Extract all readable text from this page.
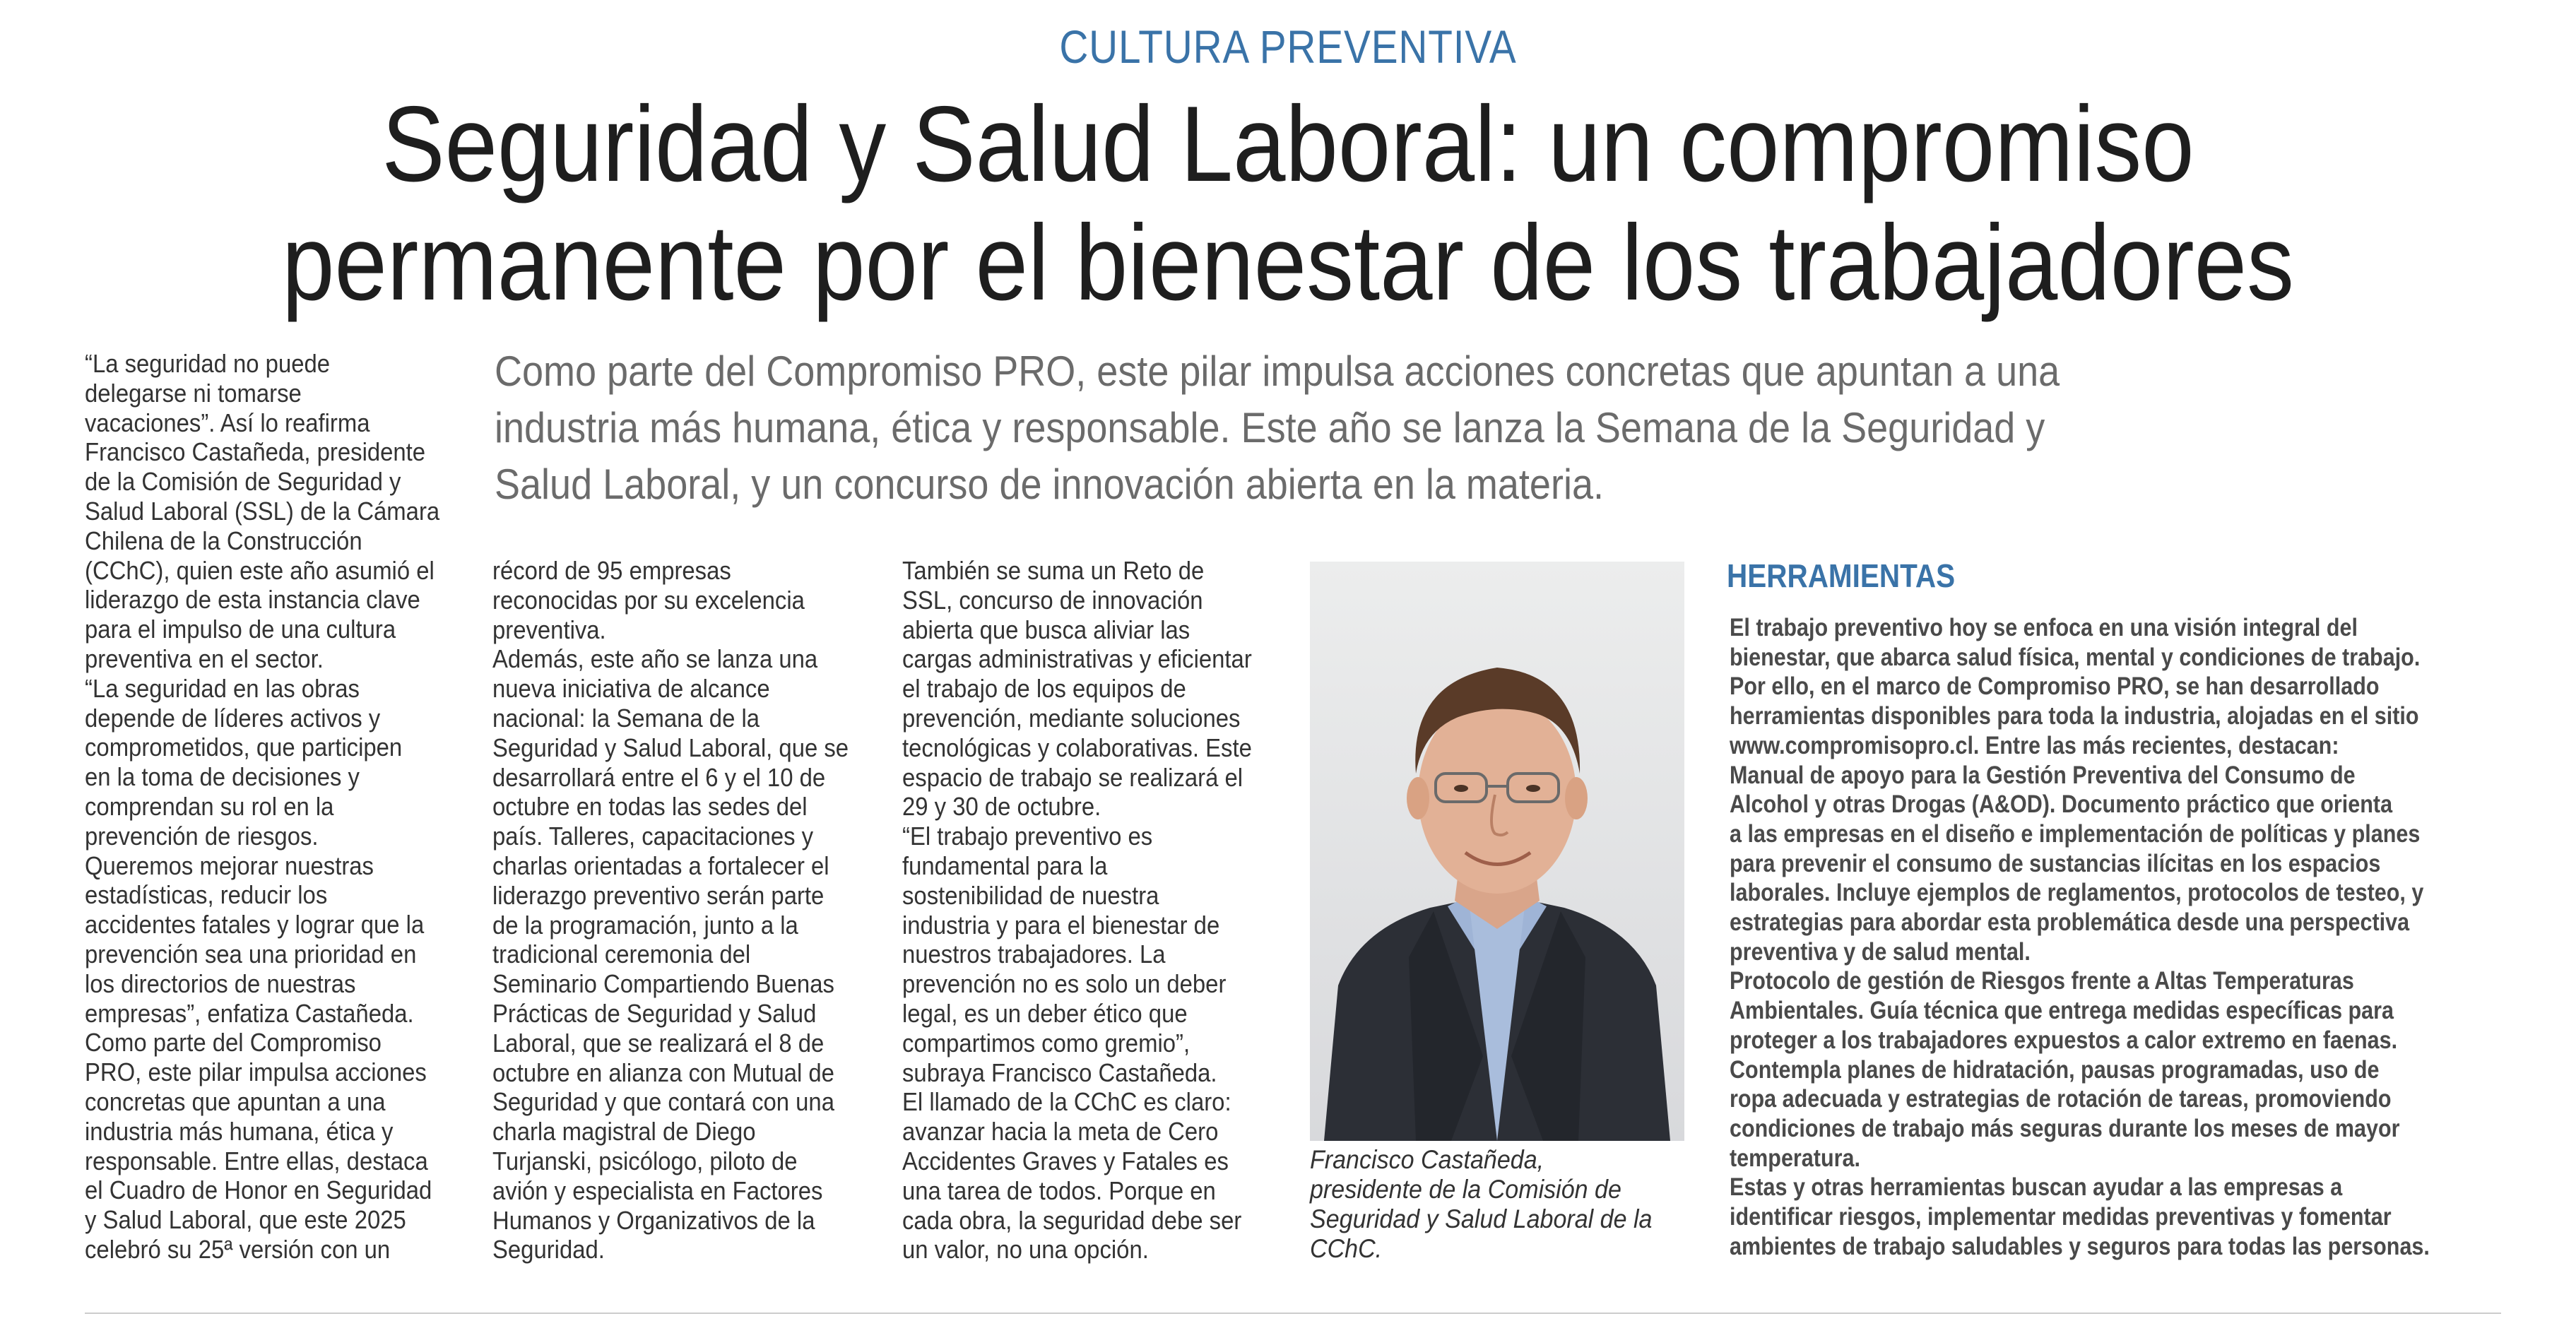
CULTURA PREVENTIVA
Seguridad y Salud Laboral: un compromiso
permanente por el bienestar de los trabajadores
Como parte del Compromiso PRO, este pilar impulsa acciones concretas que apuntan a una
industria más humana, ética y responsable. Este año se lanza la Semana de la Seguridad y
Salud Laboral, y un concurso de innovación abierta en la materia.
“La seguridad no puede
delegarse ni tomarse
vacaciones”. Así lo reafirma
Francisco Castañeda, presidente
de la Comisión de Seguridad y
Salud Laboral (SSL) de la Cámara
Chilena de la Construcción
(CChC), quien este año asumió el
liderazgo de esta instancia clave
para el impulso de una cultura
preventiva en el sector.
“La seguridad en las obras
depende de líderes activos y
comprometidos, que participen
en la toma de decisiones y
comprendan su rol en la
prevención de riesgos.
Queremos mejorar nuestras
estadísticas, reducir los
accidentes fatales y lograr que la
prevención sea una prioridad en
los directorios de nuestras
empresas”, enfatiza Castañeda.
Como parte del Compromiso
PRO, este pilar impulsa acciones
concretas que apuntan a una
industria más humana, ética y
responsable. Entre ellas, destaca
el Cuadro de Honor en Seguridad
y Salud Laboral, que este 2025
celebró su 25ª versión con un
récord de 95 empresas
reconocidas por su excelencia
preventiva.
Además, este año se lanza una
nueva iniciativa de alcance
nacional: la Semana de la
Seguridad y Salud Laboral, que se
desarrollará entre el 6 y el 10 de
octubre en todas las sedes del
país. Talleres, capacitaciones y
charlas orientadas a fortalecer el
liderazgo preventivo serán parte
de la programación, junto a la
tradicional ceremonia del
Seminario Compartiendo Buenas
Prácticas de Seguridad y Salud
Laboral, que se realizará el 8 de
octubre en alianza con Mutual de
Seguridad y que contará con una
charla magistral de Diego
Turjanski, psicólogo, piloto de
avión y especialista en Factores
Humanos y Organizativos de la
Seguridad.
También se suma un Reto de
SSL, concurso de innovación
abierta que busca aliviar las
cargas administrativas y eficientar
el trabajo de los equipos de
prevención, mediante soluciones
tecnológicas y colaborativas. Este
espacio de trabajo se realizará el
29 y 30 de octubre.
“El trabajo preventivo es
fundamental para la
sostenibilidad de nuestra
industria y para el bienestar de
nuestros trabajadores. La
prevención no es solo un deber
legal, es un deber ético que
compartimos como gremio”,
subraya Francisco Castañeda.
El llamado de la CChC es claro:
avanzar hacia la meta de Cero
Accidentes Graves y Fatales es
una tarea de todos. Porque en
cada obra, la seguridad debe ser
un valor, no una opción.
Francisco Castañeda,
presidente de la Comisión de
Seguridad y Salud Laboral de la
CChC.
HERRAMIENTAS
El trabajo preventivo hoy se enfoca en una visión integral del
bienestar, que abarca salud física, mental y condiciones de trabajo.
Por ello, en el marco de Compromiso PRO, se han desarrollado
herramientas disponibles para toda la industria, alojadas en el sitio
www.compromisopro.cl. Entre las más recientes, destacan:
Manual de apoyo para la Gestión Preventiva del Consumo de
Alcohol y otras Drogas (A&OD). Documento práctico que orienta
a las empresas en el diseño e implementación de políticas y planes
para prevenir el consumo de sustancias ilícitas en los espacios
laborales. Incluye ejemplos de reglamentos, protocolos de testeo, y
estrategias para abordar esta problemática desde una perspectiva
preventiva y de salud mental.
Protocolo de gestión de Riesgos frente a Altas Temperaturas
Ambientales. Guía técnica que entrega medidas específicas para
proteger a los trabajadores expuestos a calor extremo en faenas.
Contempla planes de hidratación, pausas programadas, uso de
ropa adecuada y estrategias de rotación de tareas, promoviendo
condiciones de trabajo más seguras durante los meses de mayor
temperatura.
Estas y otras herramientas buscan ayudar a las empresas a
identificar riesgos, implementar medidas preventivas y fomentar
ambientes de trabajo saludables y seguros para todas las personas.
